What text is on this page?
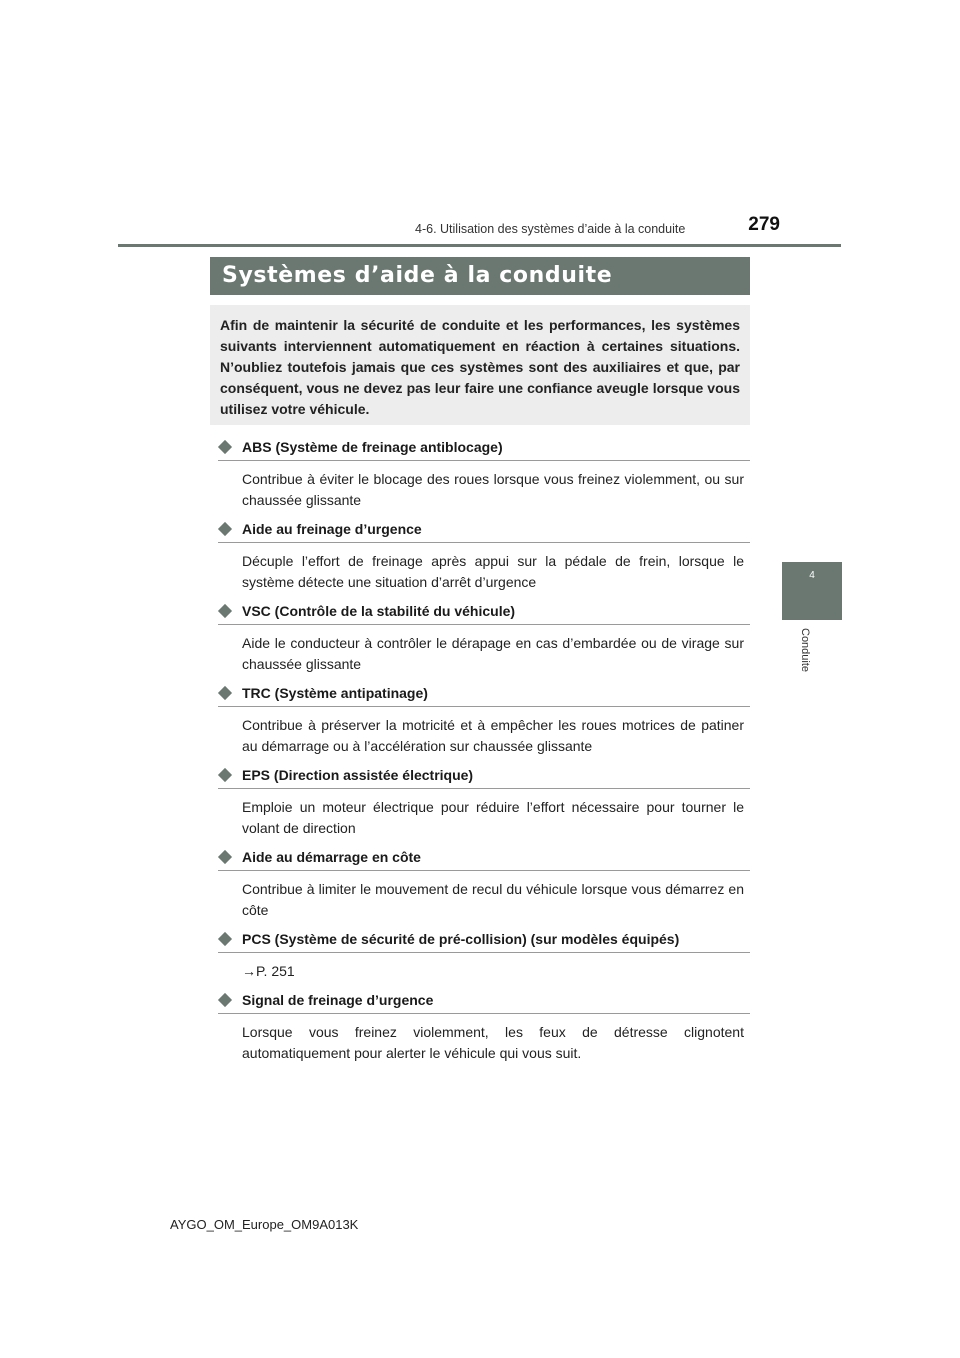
4-6. Utilisation des systèmes d’aide à la conduite	279
4
Conduite
Systèmes d’aide à la conduite

Afin de maintenir la sécurité de conduite et les performances, les systèmes suivants interviennent automatiquement en réaction à certaines situations. N’oubliez toutefois jamais que ces systèmes sont des auxiliaires et que, par conséquent, vous ne devez pas leur faire une confiance aveugle lorsque vous utilisez votre véhicule.

ABS (Système de freinage antiblocage)

Contribue à éviter le blocage des roues lorsque vous freinez violemment, ou sur chaussée glissante

Aide au freinage d’urgence

Décuple l’effort de freinage après appui sur la pédale de frein, lorsque le système détecte une situation d’arrêt d’urgence

VSC (Contrôle de la stabilité du véhicule)

Aide le conducteur à contrôler le dérapage en cas d’embardée ou de virage sur chaussée glissante

TRC (Système antipatinage)

Contribue à préserver la motricité et à empêcher les roues motrices de patiner au démarrage ou à l’accélération sur chaussée glissante

EPS (Direction assistée électrique)

Emploie un moteur électrique pour réduire l’effort nécessaire pour tourner le volant de direction

Aide au démarrage en côte

Contribue à limiter le mouvement de recul du véhicule lorsque vous démarrez en côte

PCS (Système de sécurité de pré-collision) (sur modèles équipés)

→P. 251

Signal de freinage d’urgence

Lorsque vous freinez violemment, les feux de détresse clignotent automatiquement pour alerter le véhicule qui vous suit.

AYGO_OM_Europe_OM9A013K
